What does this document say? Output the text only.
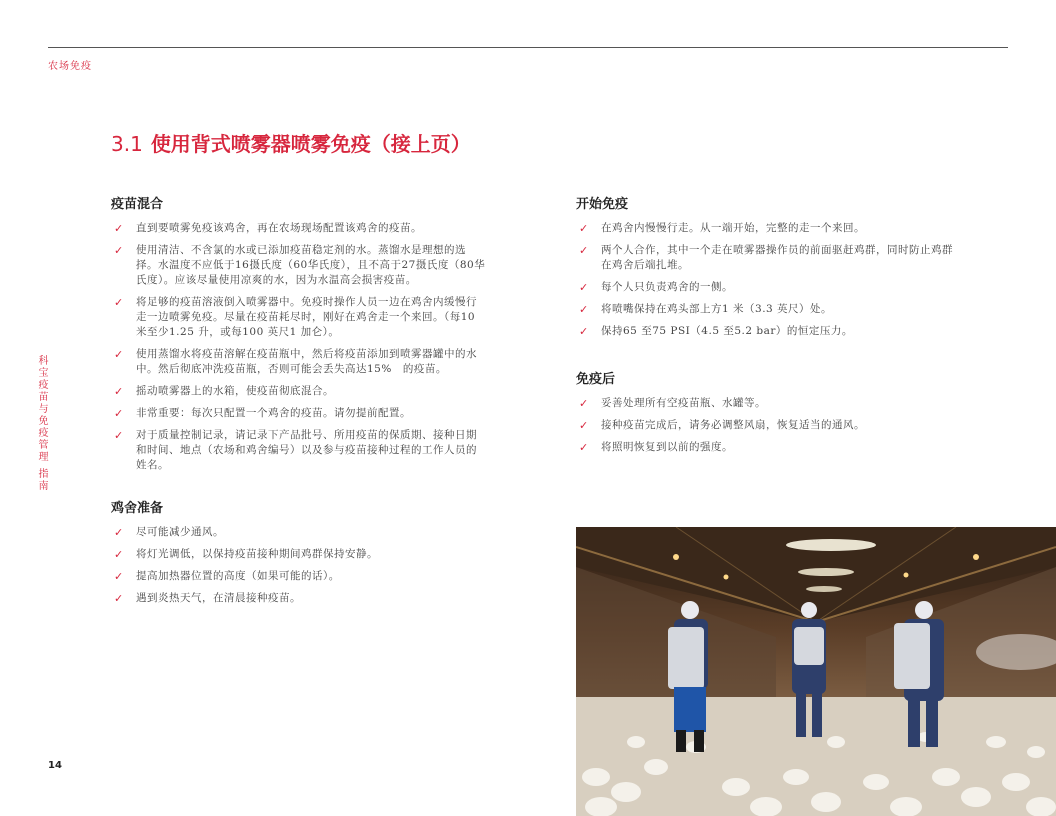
农场免疫
科宝疫苗与免疫管理 指南
3.1 使用背式喷雾器喷雾免疫（接上页）
疫苗混合
✓ 直到要喷雾免疫该鸡舍，再在农场现场配置该鸡舍的疫苗。
✓ 使用清洁、不含氯的水或已添加疫苗稳定剂的水。蒸馏水是理想的选择。水温度不应低于16摄氏度（60华氏度），且不高于27摄氏度（80华氏度）。应该尽量使用凉爽的水，因为水温高会损害疫苗。
✓ 将足够的疫苗溶液倒入喷雾器中。免疫时操作人员一边在鸡舍内缓慢行走一边喷雾免疫。尽量在疫苗耗尽时，刚好在鸡舍走一个来回。（每10 米至少1.25 升，或每100 英尺1 加仑）。
✓ 使用蒸馏水将疫苗溶解在疫苗瓶中，然后将疫苗添加到喷雾器罐中的水中。然后彻底冲洗疫苗瓶，否则可能会丢失高达15%　的疫苗。
✓ 摇动喷雾器上的水箱，使疫苗彻底混合。
✓ 非常重要：每次只配置一个鸡舍的疫苗。请勿提前配置。
✓ 对于质量控制记录，请记录下产品批号、所用疫苗的保质期、接种日期和时间、地点（农场和鸡舍编号）以及参与疫苗接种过程的工作人员的姓名。
鸡舍准备
✓ 尽可能减少通风。
✓ 将灯光调低，以保持疫苗接种期间鸡群保持安静。
✓ 提高加热器位置的高度（如果可能的话）。
✓ 遇到炎热天气，在清晨接种疫苗。
开始免疫
✓ 在鸡舍内慢慢行走。从一端开始，完整的走一个来回。
✓ 两个人合作，其中一个走在喷雾器操作员的前面驱赶鸡群，同时防止鸡群在鸡舍后端扎堆。
✓ 每个人只负责鸡舍的一侧。
✓ 将喷嘴保持在鸡头部上方1 米（3.3 英尺）处。
✓ 保持65 至75 PSI（4.5 至5.2 bar）的恒定压力。
免疫后
✓ 妥善处理所有空疫苗瓶、水罐等。
✓ 接种疫苗完成后，请务必调整风扇，恢复适当的通风。
✓ 将照明恢复到以前的强度。
14
